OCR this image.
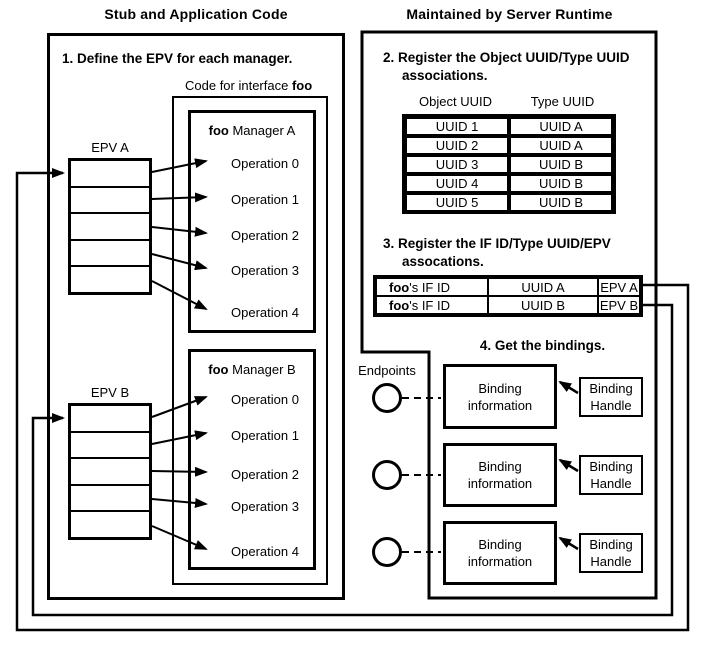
Stub and Application Code	Maintained by Server Runtime
1. Define the EPV for each manager.
Code for interface foo
foo Manager A
Operation 0
Operation 1
Operation 2
Operation 3
Operation 4
foo Manager B
Operation 0
Operation 1
Operation 2
Operation 3
Operation 4
EPV A
EPV B
2. Register the Object UUID/Type UUID
associations.
Object UUID	Type UUID
UUID 1	UUID A
UUID 2	UUID A
UUID 3	UUID B
UUID 4	UUID B
UUID 5	UUID B
3. Register the IF ID/Type UUID/EPV
assocations.
foo 's IF ID	UUID A	EPV A
foo 's IF ID	UUID B	EPV B
4. Get the bindings.
Endpoints
Binding information
Binding Handle
Binding information
Binding Handle
Binding information
Binding Handle
